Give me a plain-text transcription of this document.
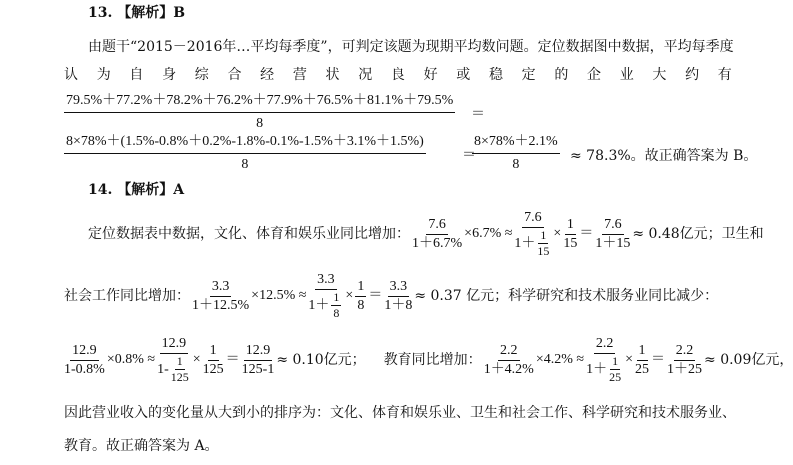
13. 【解析】B
由题干“2015－2016年…平均每季度”，可判定该题为现期平均数问题。定位数据图中数据，平均每季度
认 为 自 身 综 合 经 营 状 况 良 好 或 稳 定 的 企 业 大 约 有
$\frac{79.5\%+77.2\%+78.2\%+76.2\%+77.9\%+76.5\%+81.1\%+79.5\%}{8}$ ＝
$\frac{8\times 78\%+(1.5\%-0.8\%+0.2\%-1.8\%-0.1\%-1.5\%+3.1\%+1.5\%)}{8}$	＝
$\frac{8\times 78\%+2.1\%}{8} \approx 78.3\%$。故正确答案为 B。
14. 【解析】A
定位数据表中数据，文化、体育和娱乐业同比增加： $\frac{7.6}{1+6.7\%} \times 6.7\% \approx \frac{7.6}{1+ \frac{1}{15}} \times \frac{1}{15} = \frac{7.6}{1+15} \approx 0.48$亿元；卫生和
社会工作同比增加： $\frac{3.3}{1+12.5\%} \times 12.5\% \approx \frac{3.3}{1+ \frac{1}{8}} \times \frac{1}{8} = \frac{3.3}{1+8} \approx 0.37$ 亿元；科学研究和技术服务业同比减少：
$\frac{12.9}{1-0.8\%} \times 0.8\% \approx \frac{12.9}{1- \frac{1}{125}} \times \frac{1}{125} = \frac{12.9}{125-1} \approx 0.10$亿元； 教育同比增加： $\frac{2.2}{1+4.2\%} \times 4.2\% \approx \frac{2.2}{1+ \frac{1}{25}} \times \frac{1}{25} = \frac{2.2}{1+25} \approx 0.09$亿元，
因此营业收入的变化量从大到小的排序为：文化、体育和娱乐业、卫生和社会工作、科学研究和技术服务业、
教育。故正确答案为 A。
